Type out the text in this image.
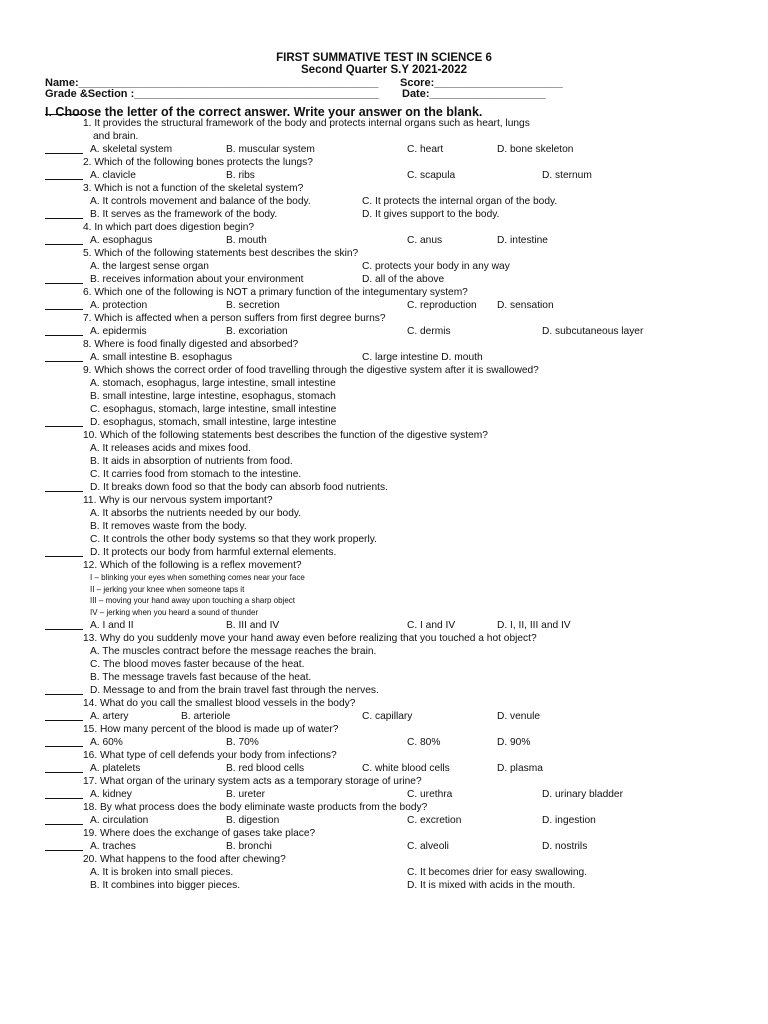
FIRST SUMMATIVE TEST IN SCIENCE 6
Second Quarter S.Y 2021-2022
Name:_________________________________________________ Score:_____________________
Grade &Section :________________________________________ Date:___________________
I. Choose the letter of the correct answer. Write your answer on the blank.
1. It provides the structural framework of the body and protects internal organs such as heart, lungs
and brain.
A. skeletal system	B. muscular system	C. heart	D. bone skeleton
2. Which of the following bones protects the lungs?
A. clavicle	B. ribs	C. scapula	D. sternum
3. Which is not a function of the skeletal system?
A. It controls movement and balance of the body.	C. It protects the internal organ of the body.
B. It serves as the framework of the body.	D. It gives support to the body.
4. In which part does digestion begin?
A. esophagus	B. mouth	C. anus	D. intestine
5. Which of the following statements best describes the skin?
A. the largest sense organ	C. protects your body in any way
B. receives information about your environment	D. all of the above
6. Which one of the following is NOT a primary function of the integumentary system?
A. protection	B. secretion	C. reproduction D. sensation
7. Which is affected when a person suffers from first degree burns?
A. epidermis	B. excoriation	C. dermis	D. subcutaneous layer
8. Where is food finally digested and absorbed?
A. small intestine B. esophagus	C. large intestine D. mouth
9. Which shows the correct order of food travelling through the digestive system after it is swallowed?
A. stomach, esophagus, large intestine, small intestine
B. small intestine, large intestine, esophagus, stomach
C. esophagus, stomach, large intestine, small intestine
D. esophagus, stomach, small intestine, large intestine
10. Which of the following statements best describes the function of the digestive system?
A. It releases acids and mixes food.
B. It aids in absorption of nutrients from food.
C. It carries food from stomach to the intestine.
D. It breaks down food so that the body can absorb food nutrients.
11. Why is our nervous system important?
A. It absorbs the nutrients needed by our body.
B. It removes waste from the body.
C. It controls the other body systems so that they work properly.
D. It protects our body from harmful external elements.
12. Which of the following is a reflex movement?
I – blinking your eyes when something comes near your face
II – jerking your knee when someone taps it
III – moving your hand away upon touching a sharp object
IV – jerking when you heard a sound of thunder
A. I and II	B. III and IV	C. I and IV	D. I, II, III and IV
13. Why do you suddenly move your hand away even before realizing that you touched a hot object?
A. The muscles contract before the message reaches the brain.
C. The blood moves faster because of the heat.
B. The message travels fast because of the heat.
D. Message to and from the brain travel fast through the nerves.
14. What do you call the smallest blood vessels in the body?
A. artery	B. arteriole	C. capillary	D. venule
15. How many percent of the blood is made up of water?
A. 60%	B. 70%	C. 80%	D. 90%
16. What type of cell defends your body from infections?
A. platelets	B. red blood cells	C. white blood cells	D. plasma
17. What organ of the urinary system acts as a temporary storage of urine?
A. kidney	B. ureter	C. urethra	D. urinary bladder
18. By what process does the body eliminate waste products from the body?
A. circulation	B. digestion	C. excretion	D. ingestion
19. Where does the exchange of gases take place?
A. traches	B. bronchi	C. alveoli	D. nostrils
20. What happens to the food after chewing?
A. It is broken into small pieces.	C. It becomes drier for easy swallowing.
B. It combines into bigger pieces.	D. It is mixed with acids in the mouth.
